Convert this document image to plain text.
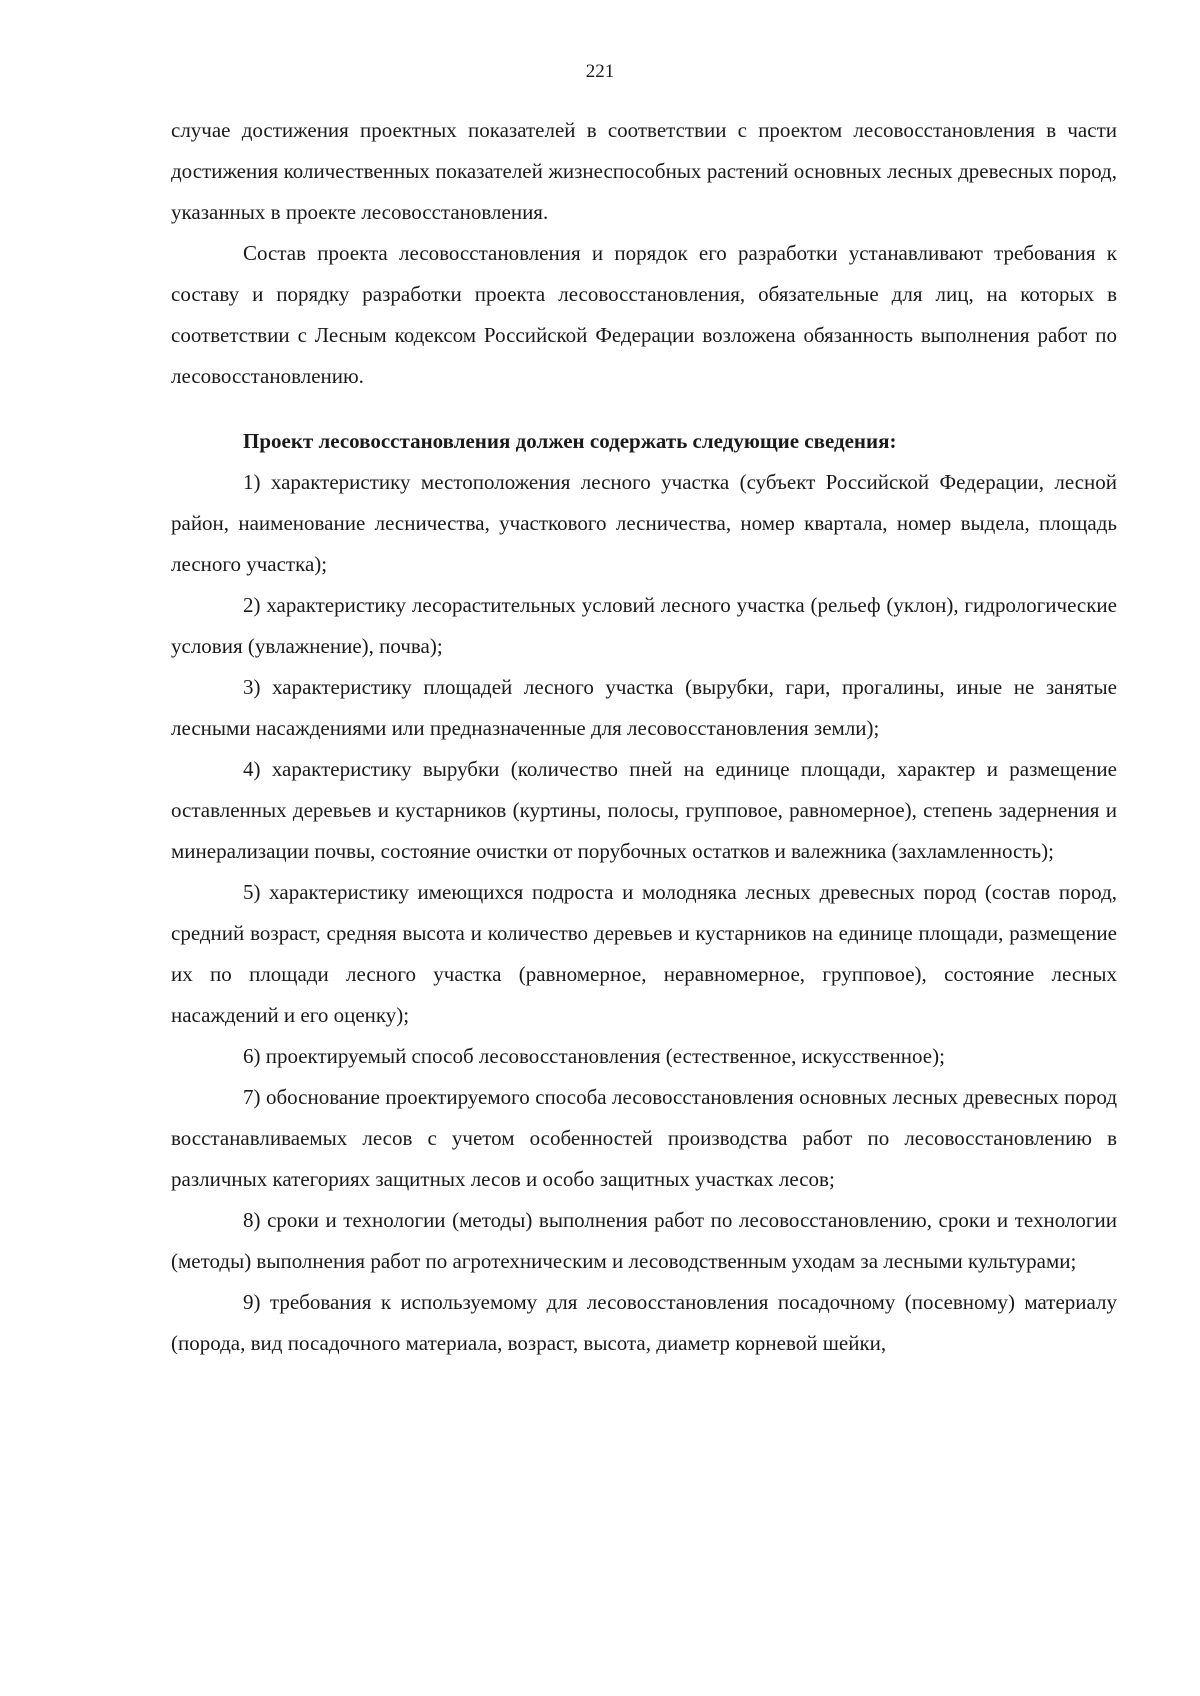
221

случае достижения проектных показателей в соответствии с проектом лесовосстановления в части достижения количественных показателей жизнеспособных растений основных лесных древесных пород, указанных в проекте лесовосстановления.

Состав проекта лесовосстановления и порядок его разработки устанавливают требования к составу и порядку разработки проекта лесовосстановления, обязательные для лиц, на которых в соответствии с Лесным кодексом Российской Федерации возложена обязанность выполнения работ по лесовосстановлению.

Проект лесовосстановления должен содержать следующие сведения:

1) характеристику местоположения лесного участка (субъект Российской Федерации, лесной район, наименование лесничества, участкового лесничества, номер квартала, номер выдела, площадь лесного участка);

2) характеристику лесорастительных условий лесного участка (рельеф (уклон), гидрологические условия (увлажнение), почва);

3) характеристику площадей лесного участка (вырубки, гари, прогалины, иные не занятые лесными насаждениями или предназначенные для лесовосстановления земли);

4) характеристику вырубки (количество пней на единице площади, характер и размещение оставленных деревьев и кустарников (куртины, полосы, групповое, равномерное), степень задернения и минерализации почвы, состояние очистки от порубочных остатков и валежника (захламленность);

5) характеристику имеющихся подроста и молодняка лесных древесных пород (состав пород, средний возраст, средняя высота и количество деревьев и кустарников на единице площади, размещение их по площади лесного участка (равномерное, неравномерное, групповое), состояние лесных насаждений и его оценку);

6) проектируемый способ лесовосстановления (естественное, искусственное);

7) обоснование проектируемого способа лесовосстановления основных лесных древесных пород восстанавливаемых лесов с учетом особенностей производства работ по лесовосстановлению в различных категориях защитных лесов и особо защитных участках лесов;

8) сроки и технологии (методы) выполнения работ по лесовосстановлению, сроки и технологии (методы) выполнения работ по агротехническим и лесоводственным уходам за лесными культурами;

9) требования к используемому для лесовосстановления посадочному (посевному) материалу (порода, вид посадочного материала, возраст, высота, диаметр корневой шейки,
